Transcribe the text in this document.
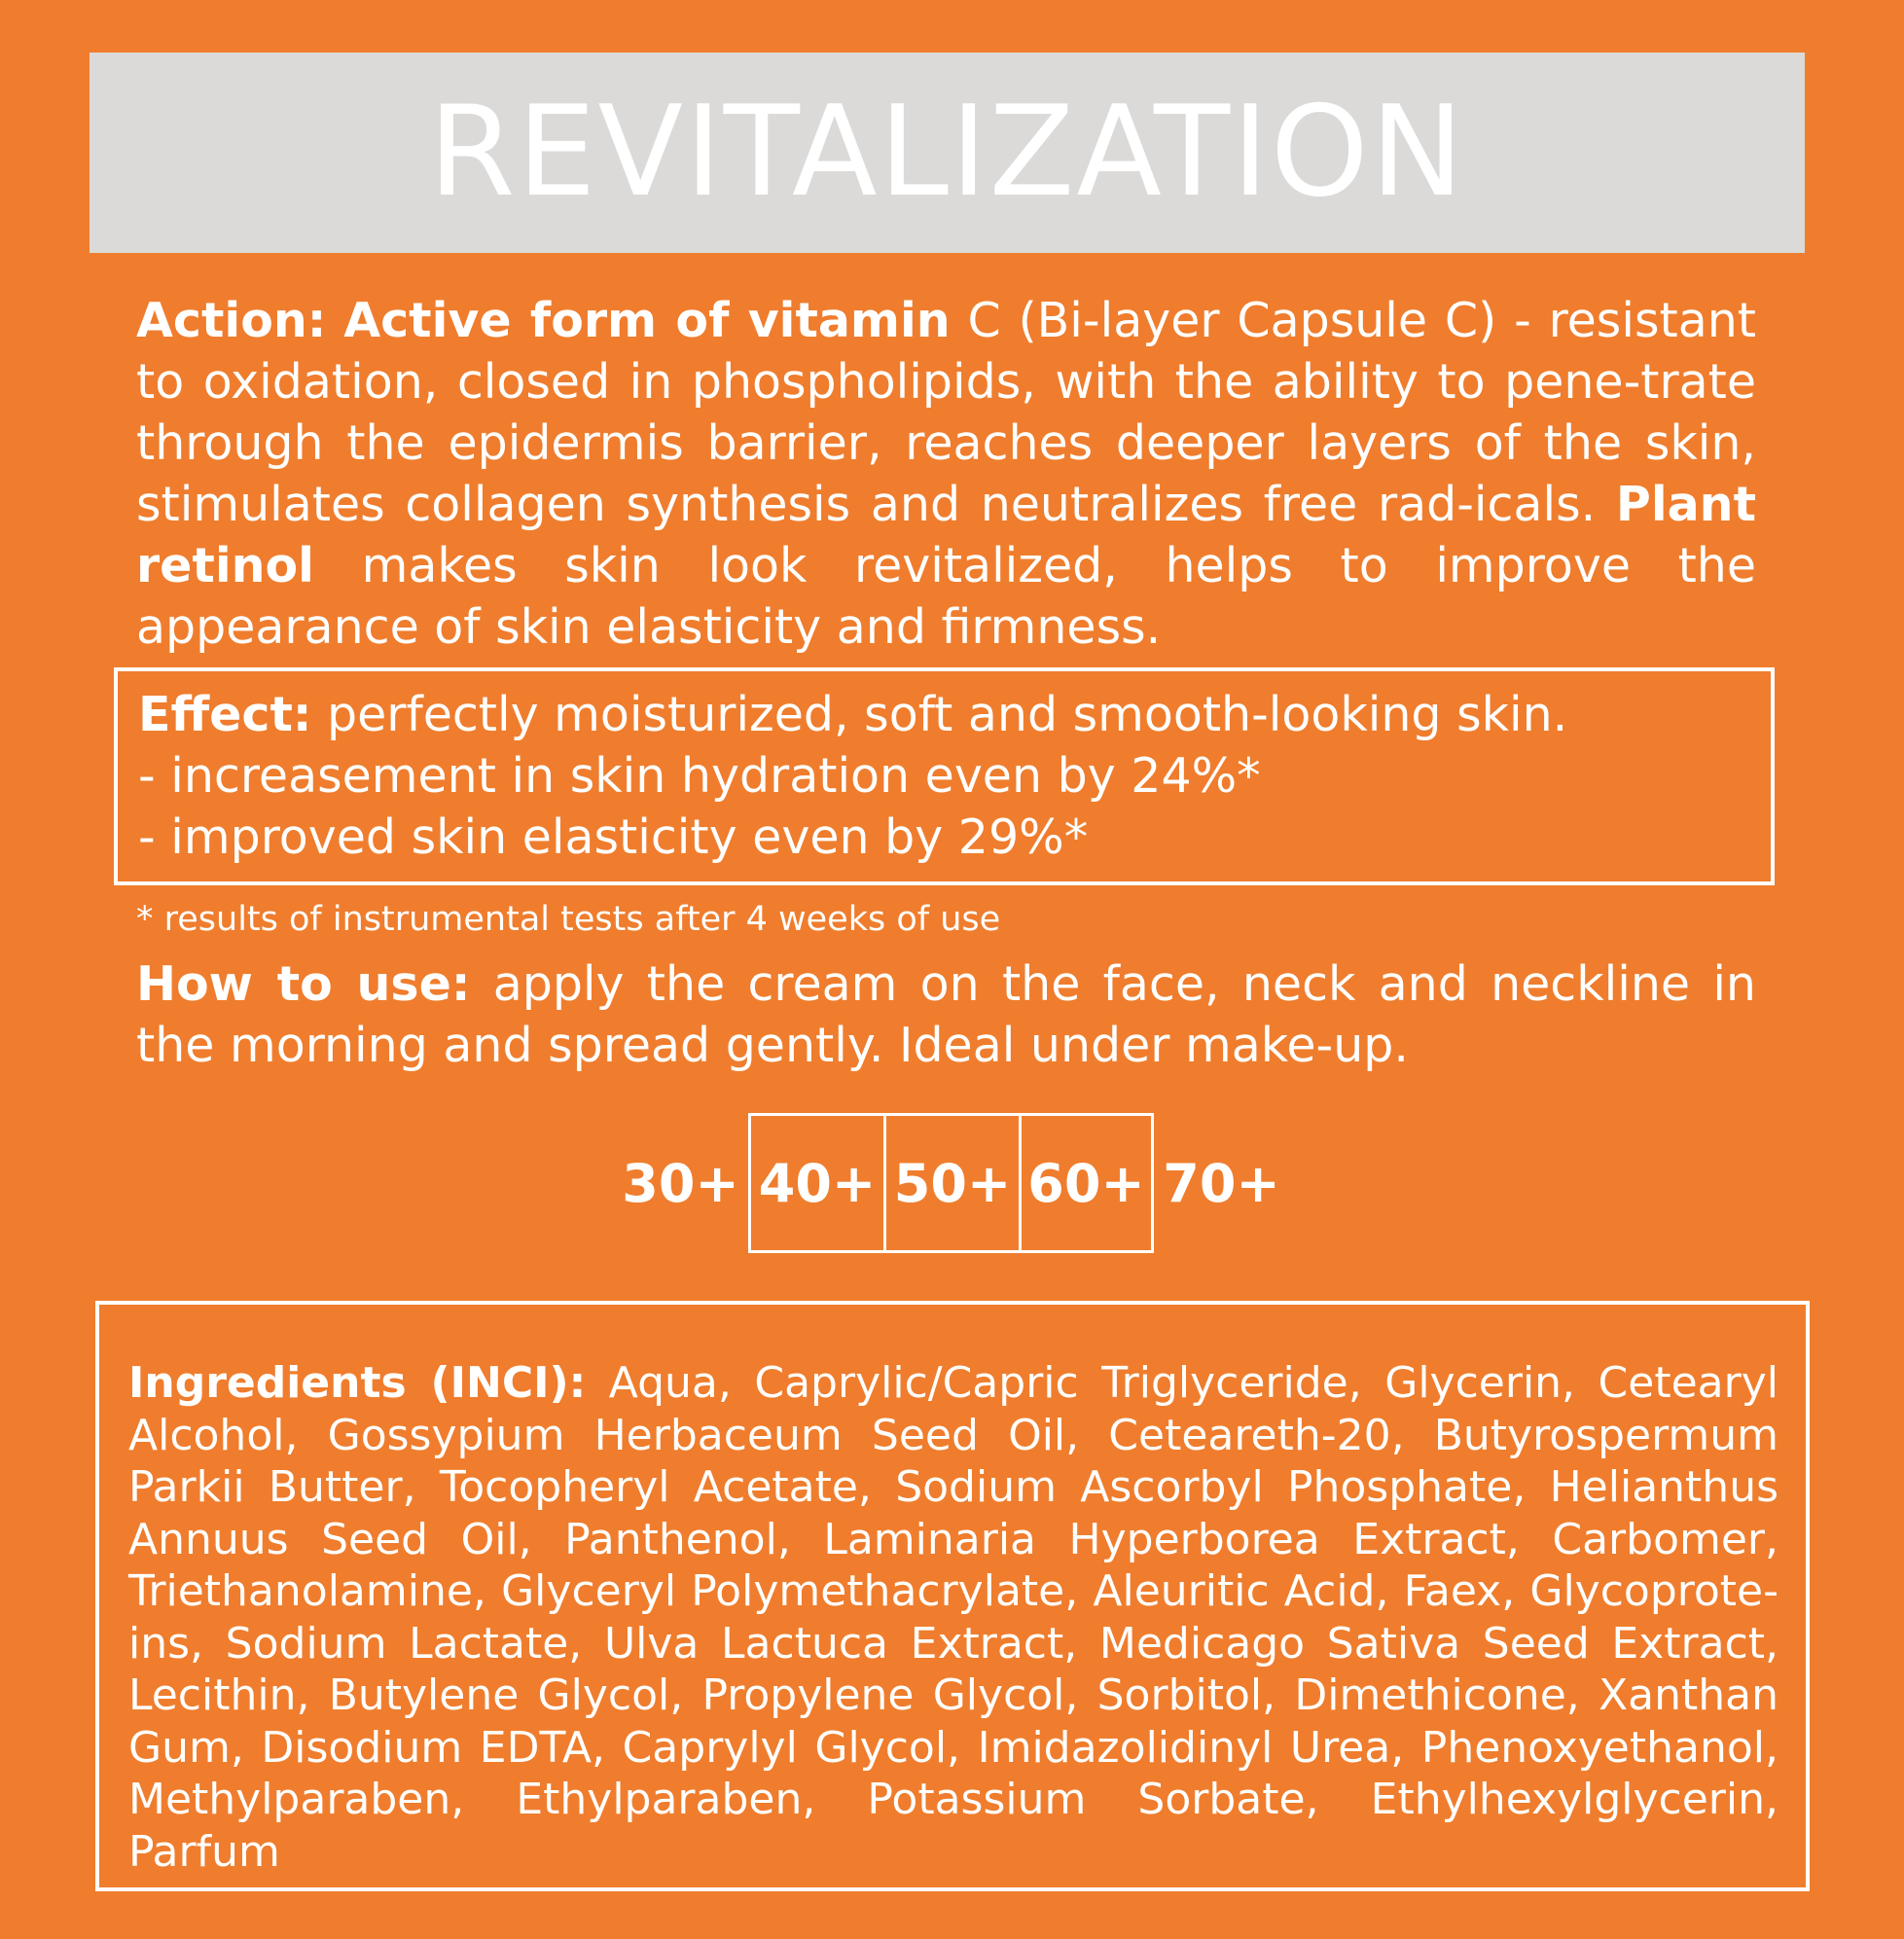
REVITALIZATION

Action: Active form of vitamin C (Bi-layer Capsule C) - resistant to oxidation, closed in phospholipids, with the ability to pene-trate through the epidermis barrier, reaches deeper layers of the skin, stimulates collagen synthesis and neutralizes free rad-icals. Plant retinol makes skin look revitalized, helps to improve the appearance of skin elasticity and firmness.

Effect: perfectly moisturized, soft and smooth-looking skin.
- increasement in skin hydration even by 24%*
- improved skin elasticity even by 29%*

* results of instrumental tests after 4 weeks of use

How to use: apply the cream on the face, neck and neckline in the morning and spread gently. Ideal under make-up.

30+ 40+ 50+ 60+ 70+

Ingredients (INCI): Aqua, Caprylic/Capric Triglyceride, Glycerin, Cetearyl Alcohol, Gossypium Herbaceum Seed Oil, Ceteareth-20, Butyrospermum Parkii Butter, Tocopheryl Acetate, Sodium Ascorbyl Phosphate, Helianthus Annuus Seed Oil, Panthenol, Laminaria Hyperborea Extract, Carbomer, Triethanolamine, Glyceryl Polymethacrylate, Aleuritic Acid, Faex, Glycoprote-ins, Sodium Lactate, Ulva Lactuca Extract, Medicago Sativa Seed Extract, Lecithin, Butylene Glycol, Propylene Glycol, Sorbitol, Dimethicone, Xanthan Gum, Disodium EDTA, Caprylyl Glycol, Imidazolidinyl Urea, Phenoxyethanol, Methylparaben, Ethylparaben, Potassium Sorbate, Ethylhexylglycerin, Parfum
